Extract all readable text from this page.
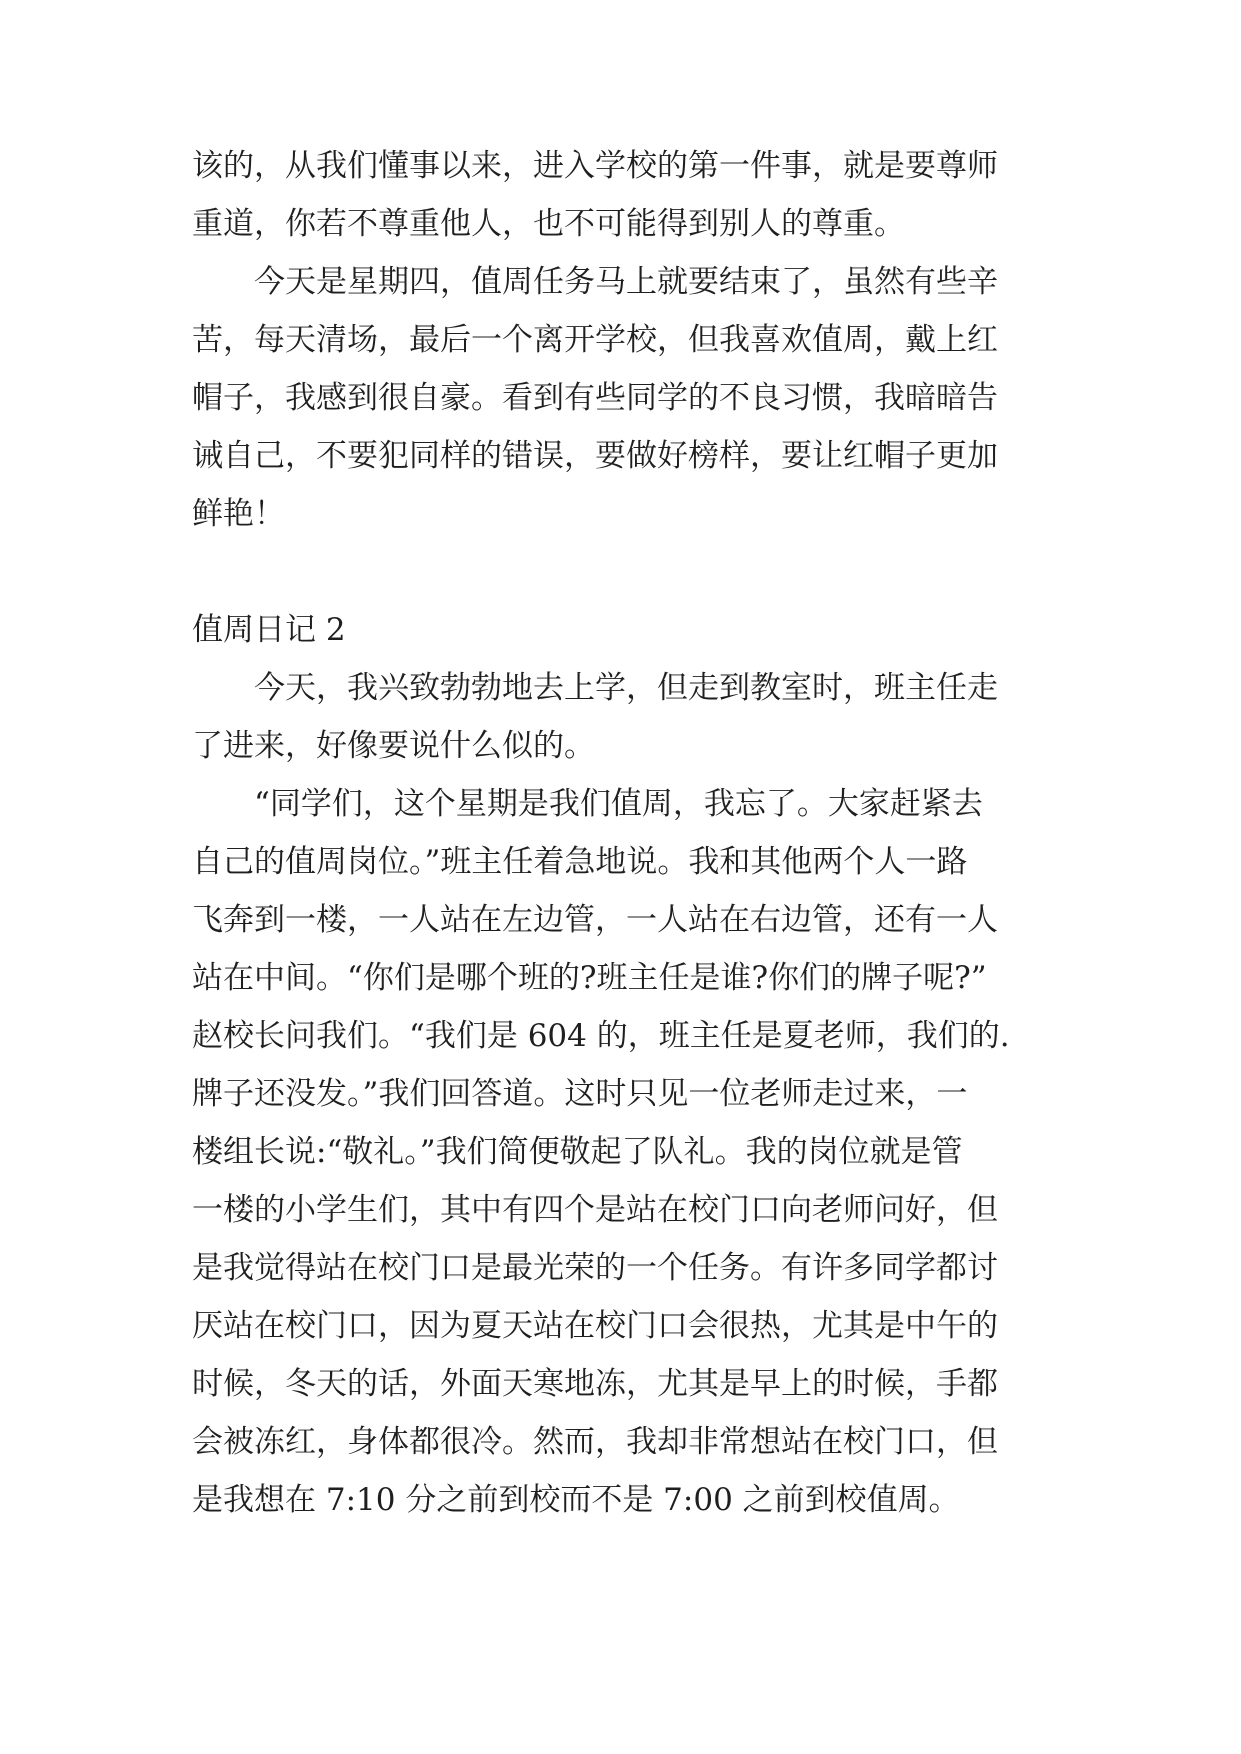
该的，从我们懂事以来，进入学校的第一件事，就是要尊师
重道，你若不尊重他人，也不可能得到别人的尊重。
　　今天是星期四，值周任务马上就要结束了，虽然有些辛
苦，每天清场，最后一个离开学校，但我喜欢值周，戴上红
帽子，我感到很自豪。看到有些同学的不良习惯，我暗暗告
诫自己，不要犯同样的错误，要做好榜样，要让红帽子更加
鲜艳！
值周日记 2
　　今天，我兴致勃勃地去上学，但走到教室时，班主任走
了进来，好像要说什么似的。
　　“同学们，这个星期是我们值周，我忘了。大家赶紧去
自己的值周岗位。”班主任着急地说。我和其他两个人一路
飞奔到一楼，一人站在左边管，一人站在右边管，还有一人
站在中间。“你们是哪个班的?班主任是谁?你们的牌子呢?”
赵校长问我们。“我们是 604 的，班主任是夏老师，我们的.
牌子还没发。”我们回答道。这时只见一位老师走过来，一
楼组长说:“敬礼。”我们简便敬起了队礼。我的岗位就是管
一楼的小学生们，其中有四个是站在校门口向老师问好，但
是我觉得站在校门口是最光荣的一个任务。有许多同学都讨
厌站在校门口，因为夏天站在校门口会很热，尤其是中午的
时候，冬天的话，外面天寒地冻，尤其是早上的时候，手都
会被冻红，身体都很冷。然而，我却非常想站在校门口，但
是我想在 7:10 分之前到校而不是 7:00 之前到校值周。
